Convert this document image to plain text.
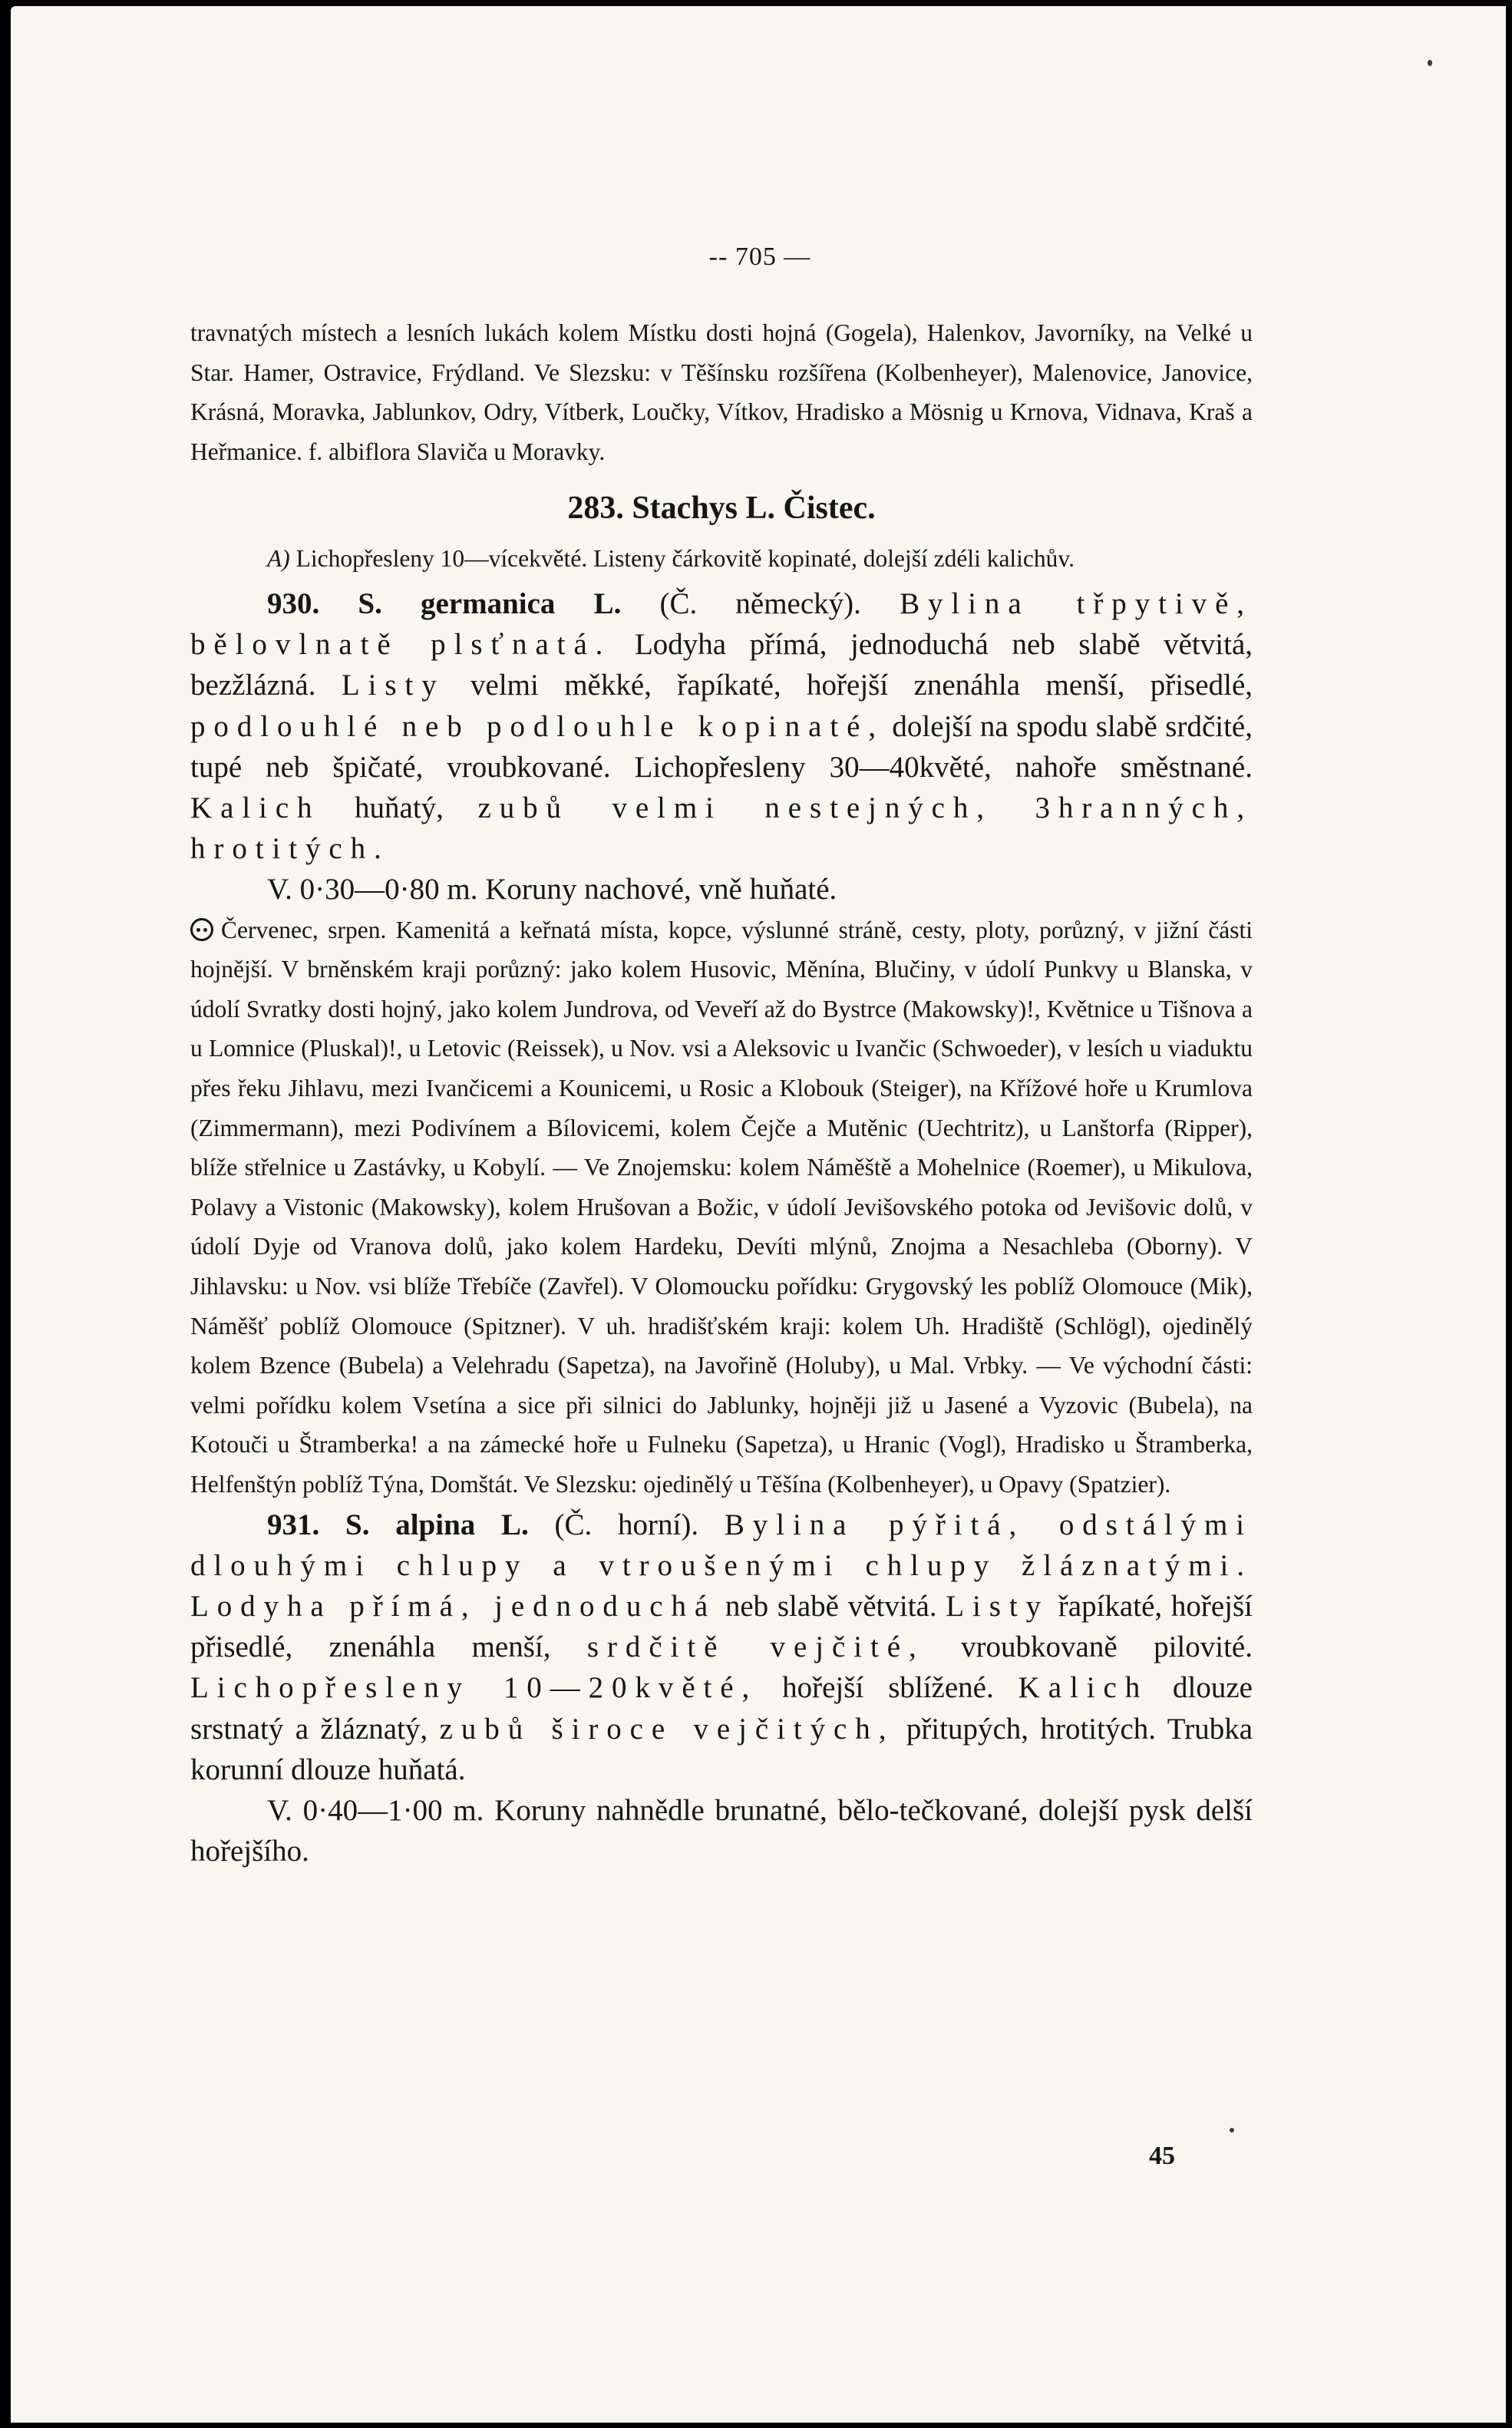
-- 705 —

travnatých místech a lesních lukách kolem Místku dosti hojná (Gogela), Halenkov, Javorníky, na Velké u Star. Hamer, Ostravice, Frýdland. Ve Slezsku: v Těšínsku rozšířena (Kolbenheyer), Malenovice, Janovice, Krásná, Moravka, Jablunkov, Odry, Vítberk, Loučky, Vítkov, Hradisko a Mösnig u Krnova, Vidnava, Kraš a Heřmanice. f. albiflora Slaviča u Moravky.

283. Stachys L. Čistec.

A) Lichopřesleny 10—vícekvěté. Listeny čárkovitě kopinaté, dolejší zdéli kalichův.

930. S. germanica L. (Č. německý). Bylina třpytivě, bělovlnatě plsťnatá. Lodyha přímá, jednoduchá neb slabě větvitá, bezžlázná. Listy velmi měkké, řapíkaté, hořejší znenáhla menší, přisedlé, podlouhlé neb podlouhle kopinaté, dolejší na spodu slabě srdčité, tupé neb špičaté, vroubkované. Lichopřesleny 30—40květé, nahoře směstnané. Kalich huňatý, zubů velmi nestejných, 3hranných, hrotitých.

V. 0·30—0·80 m. Koruny nachové, vně huňaté.

Červenec, srpen. Kamenitá a keřnatá místa, kopce, výslunné stráně, cesty, ploty, porůzný, v jižní části hojnější. V brněnském kraji porůzný: jako kolem Husovic, Měnína, Blučiny, v údolí Punkvy u Blanska, v údolí Svratky dosti hojný, jako kolem Jundrova, od Veveří až do Bystrce (Makowsky)!, Květnice u Tišnova a u Lomnice (Pluskal)!, u Letovic (Reissek), u Nov. vsi a Aleksovic u Ivančic (Schwoeder), v lesích u viaduktu přes řeku Jihlavu, mezi Ivančicemi a Kounicemi, u Rosic a Klobouk (Steiger), na Křížové hoře u Krumlova (Zimmermann), mezi Podivínem a Bílovicemi, kolem Čejče a Mutěnic (Uechtritz), u Lanštorfa (Ripper), blíže střelnice u Zastávky, u Kobylí. — Ve Znojemsku: kolem Náměště a Mohelnice (Roemer), u Mikulova, Polavy a Vistonic (Makowsky), kolem Hrušovan a Božic, v údolí Jevišovského potoka od Jevišovic dolů, v údolí Dyje od Vranova dolů, jako kolem Hardeku, Devíti mlýnů, Znojma a Nesachleba (Oborny). V Jihlavsku: u Nov. vsi blíže Třebíče (Zavřel). V Olomoucku pořídku: Grygovský les poblíž Olomouce (Mik), Náměšť poblíž Olomouce (Spitzner). V uh. hradišťském kraji: kolem Uh. Hradiště (Schlögl), ojedinělý kolem Bzence (Bubela) a Velehradu (Sapetza), na Javořině (Holuby), u Mal. Vrbky. — Ve východní části: velmi pořídku kolem Vsetína a sice při silnici do Jablunky, hojněji již u Jasené a Vyzovic (Bubela), na Kotouči u Štramberka! a na zámecké hoře u Fulneku (Sapetza), u Hranic (Vogl), Hradisko u Štramberka, Helfenštýn poblíž Týna, Domštát. Ve Slezsku: ojedinělý u Těšína (Kolbenheyer), u Opavy (Spatzier).

931. S. alpina L. (Č. horní). Bylina pýřitá, odstálými dlouhými chlupy a vtroušenými chlupy žláznatými. Lodyha přímá, jednoduchá neb slabě větvitá. Listy řapíkaté, hořejší přisedlé, znenáhla menší, srdčitě vejčité, vroubkovaně pilovité. Lichopřesleny 10—20květé, hořejší sblížené. Kalich dlouze srstnatý a žláznatý, zubů široce vejčitých, přitupých, hrotitých. Trubka korunní dlouze huňatá.

V. 0·40—1·00 m. Koruny nahnědle brunatné, bělo-tečkované, dolejší pysk delší hořejšího.

45
